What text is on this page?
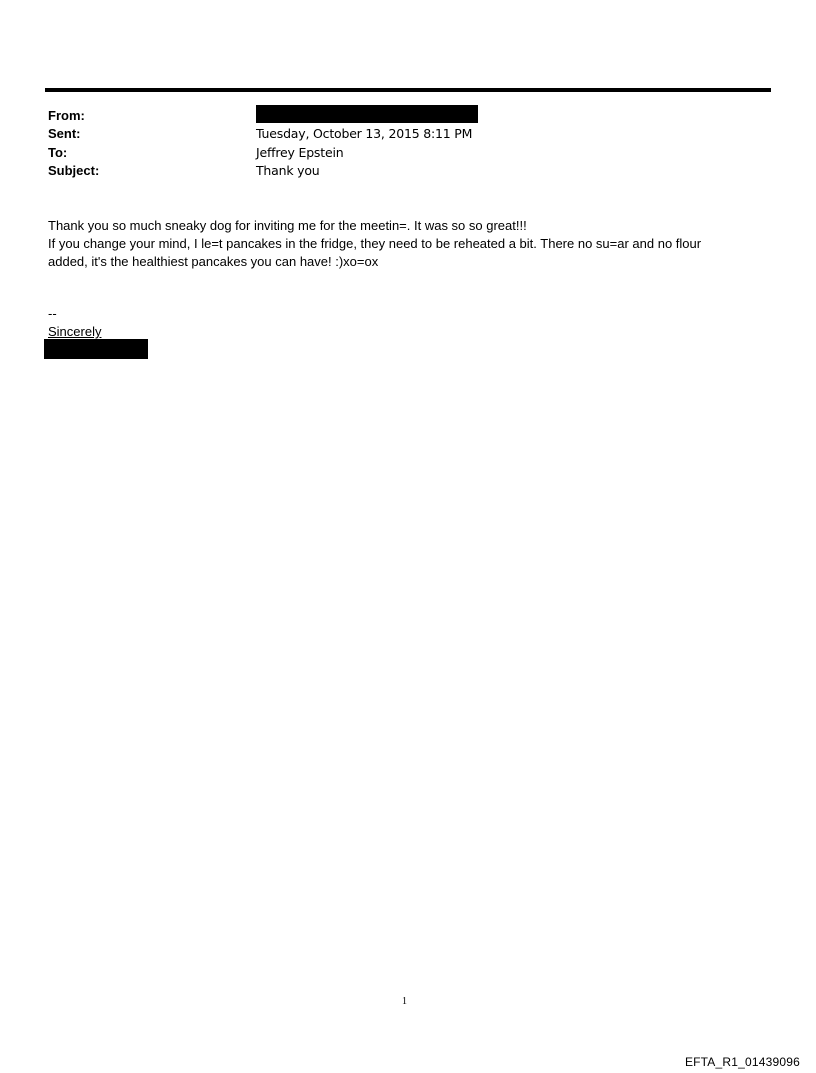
From:
Sent:	Tuesday, October 13, 2015 8:11 PM
To:	Jeffrey Epstein
Subject:	Thank you
Thank you so much sneaky dog for inviting me for the meetin=. It was so so great!!!
If you change your mind, I le=t pancakes in the fridge, they need to be reheated a bit. There no su=ar and no flour
added, it's the healthiest pancakes you can have! :)xo=ox
--
Sincerely
1
EFTA_R1_01439096
